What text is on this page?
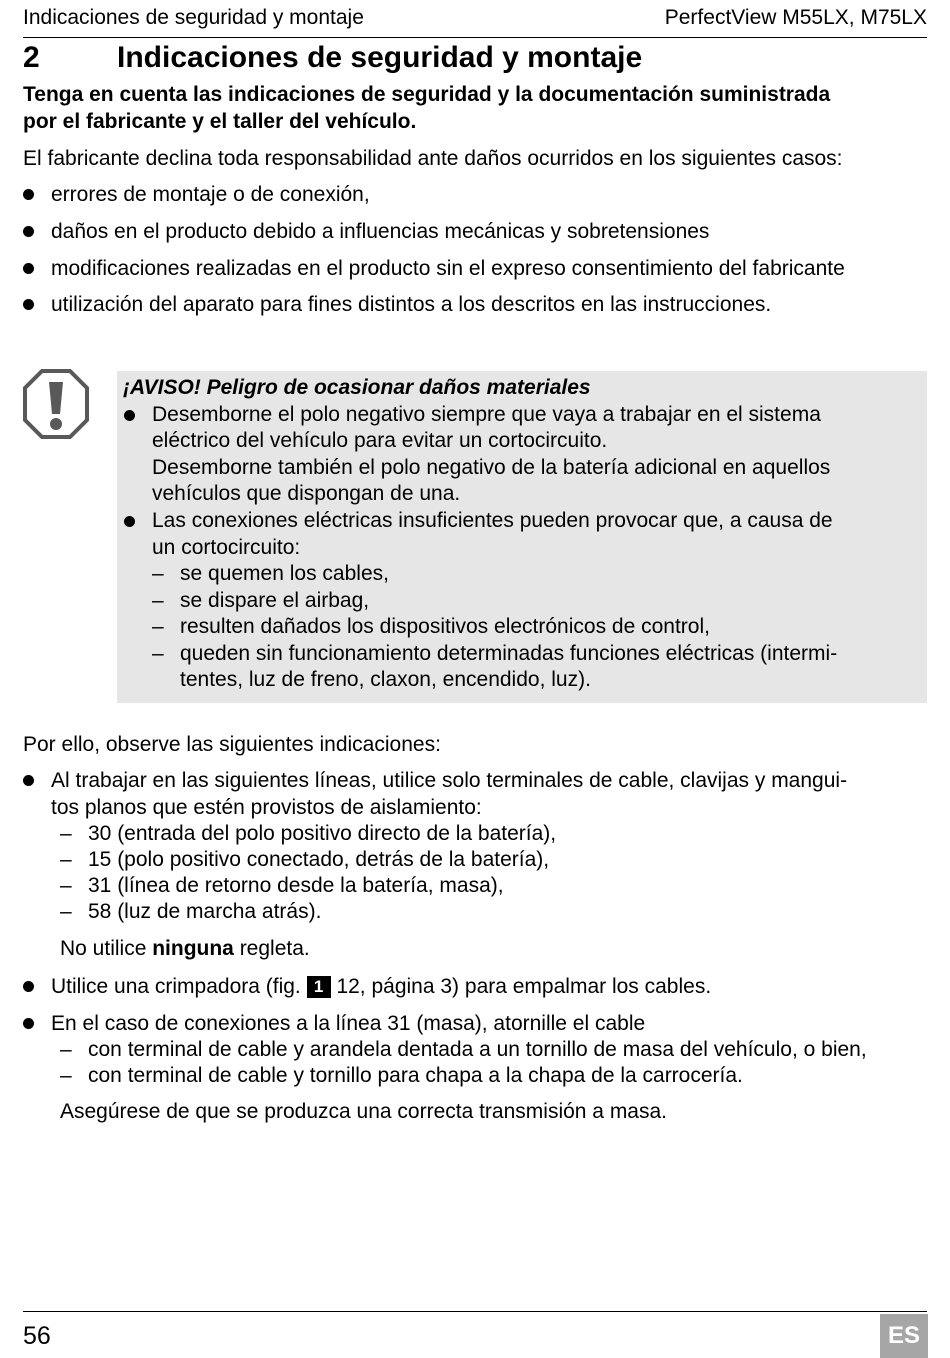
Indicaciones de seguridad y montaje	PerfectView M55LX, M75LX
2	Indicaciones de seguridad y montaje
Tenga en cuenta las indicaciones de seguridad y la documentación suministrada
por el fabricante y el taller del vehículo.
El fabricante declina toda responsabilidad ante daños ocurridos en los siguientes casos:
errores de montaje o de conexión,
daños en el producto debido a influencias mecánicas y sobretensiones
modificaciones realizadas en el producto sin el expreso consentimiento del fabricante
utilización del aparato para fines distintos a los descritos en las instrucciones.
¡AVISO! Peligro de ocasionar daños materiales
Desemborne el polo negativo siempre que vaya a trabajar en el sistema
eléctrico del vehículo para evitar un cortocircuito.
Desemborne también el polo negativo de la batería adicional en aquellos
vehículos que dispongan de una.
Las conexiones eléctricas insuficientes pueden provocar que, a causa de
un cortocircuito:
– se quemen los cables,
– se dispare el airbag,
– resulten dañados los dispositivos electrónicos de control,
– queden sin funcionamiento determinadas funciones eléctricas (intermi-
tentes, luz de freno, claxon, encendido, luz).
Por ello, observe las siguientes indicaciones:
Al trabajar en las siguientes líneas, utilice solo terminales de cable, clavijas y mangui-
tos planos que estén provistos de aislamiento:
– 30 (entrada del polo positivo directo de la batería),
– 15 (polo positivo conectado, detrás de la batería),
– 31 (línea de retorno desde la batería, masa),
– 58 (luz de marcha atrás).
No utilice ninguna regleta.
Utilice una crimpadora (fig. 1 12, página 3) para empalmar los cables.
En el caso de conexiones a la línea 31 (masa), atornille el cable
– con terminal de cable y arandela dentada a un tornillo de masa del vehículo, o bien,
– con terminal de cable y tornillo para chapa a la chapa de la carrocería.
Asegúrese de que se produzca una correcta transmisión a masa.
56	ES
